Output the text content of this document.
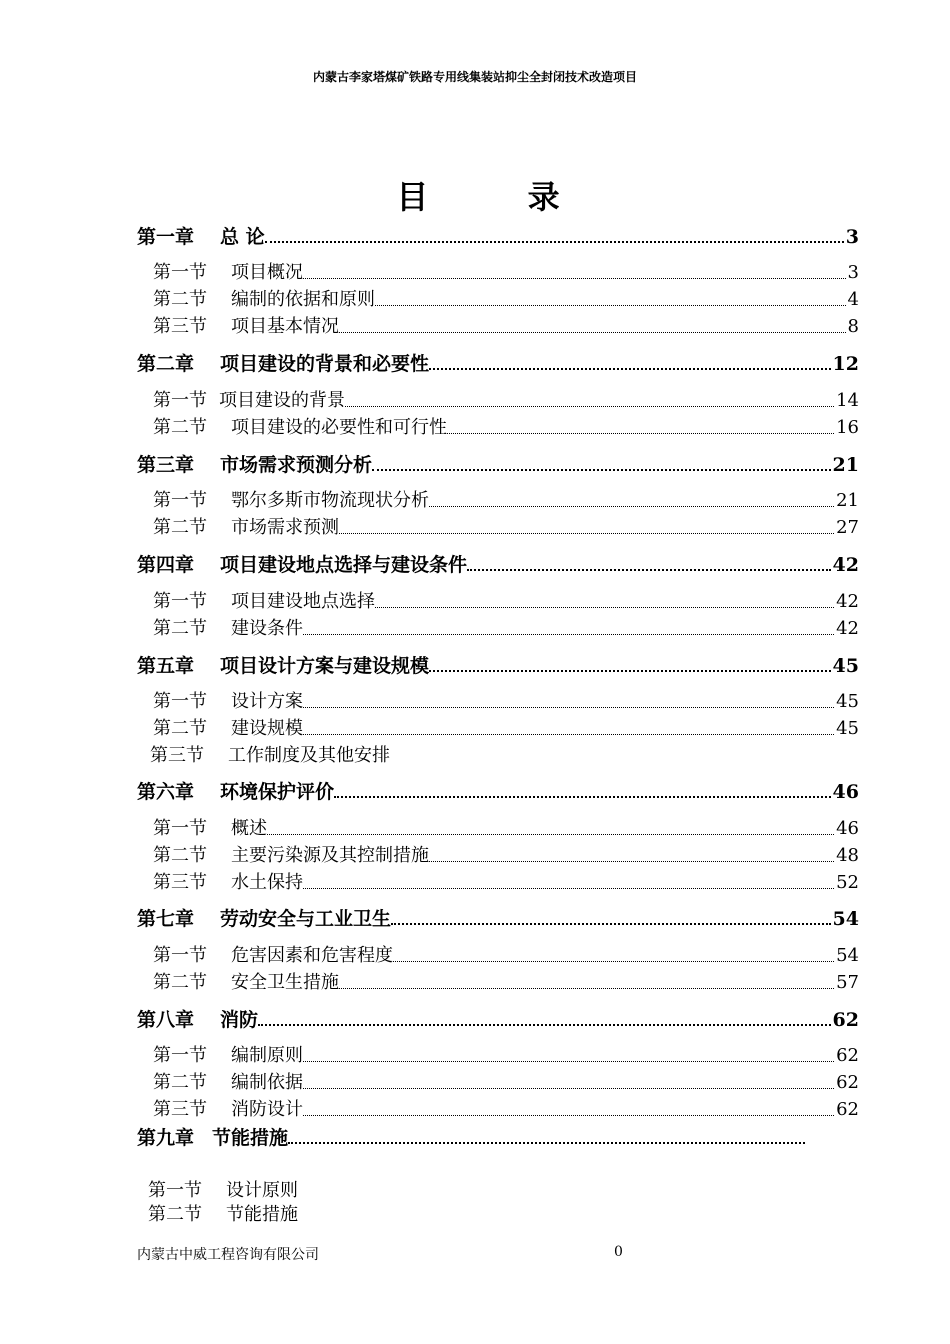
内蒙古李家塔煤矿铁路专用线集装站抑尘全封闭技术改造项目
目 录
第一章 总 论	3
第一节 项目概况	3
第二节 编制的依据和原则	4
第三节 项目基本情况	8
第二章 项目建设的背景和必要性	12
第一节 项目建设的背景	14
第二节 项目建设的必要性和可行性	16
第三章 市场需求预测分析	21
第一节 鄂尔多斯市物流现状分析	21
第二节 市场需求预测	27
第四章 项目建设地点选择与建设条件	42
第一节 项目建设地点选择	42
第二节 建设条件	42
第五章 项目设计方案与建设规模	45
第一节 设计方案	45
第二节 建设规模	45
第三节 工作制度及其他安排
第六章 环境保护评价	46
第一节 概述	46
第二节 主要污染源及其控制措施	48
第三节 水土保持	52
第七章 劳动安全与工业卫生	54
第一节 危害因素和危害程度	54
第二节 安全卫生措施	57
第八章 消防	62
第一节 编制原则	62
第二节 编制依据	62
第三节 消防设计	62
第九章 节能措施
第一节 设计原则
第二节 节能措施
内蒙古中威工程咨询有限公司	0
